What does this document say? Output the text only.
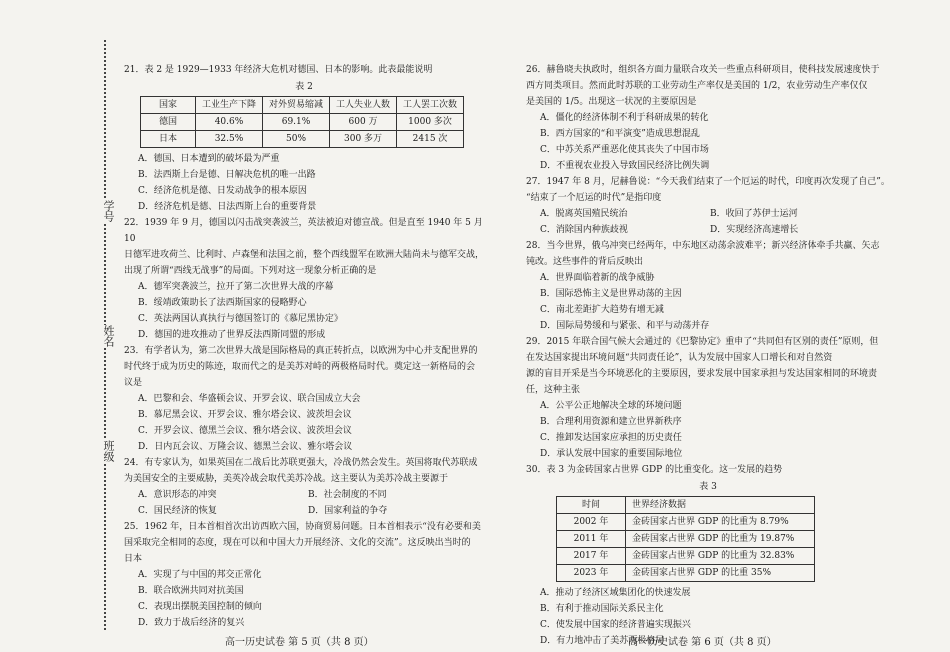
学号
姓名
班级

21．表 2 是 1929—1933 年经济大危机对德国、日本的影响。此表最能说明

表 2
国家	工业生产下降	对外贸易缩减	工人失业人数	工人罢工次数
德国	40.6%	69.1%	600 万	1000 多次
日本	32.5%	50%	300 多万	2415 次

A．德国、日本遭到的破坏最为严重

B．法西斯上台是德、日解决危机的唯一出路

C．经济危机是德、日发动战争的根本原因

D．经济危机是德、日法西斯上台的重要背景

22．1939 年 9 月，德国以闪击战突袭波兰，英法被迫对德宣战。但是直至 1940 年 5 月 10

日德军进攻荷兰、比利时、卢森堡和法国之前，整个西线盟军在欧洲大陆尚未与德军交战，

出现了所谓“西线无战事”的局面。下列对这一现象分析正确的是

A．德军突袭波兰，拉开了第二次世界大战的序幕

B．绥靖政策助长了法西斯国家的侵略野心

C．英法两国认真执行与德国签订的《慕尼黑协定》

D．德国的进攻推动了世界反法西斯同盟的形成

23．有学者认为，第二次世界大战是国际格局的真正转折点，以欧洲为中心并支配世界的

时代终于成为历史的陈迹，取而代之的是美苏对峙的两极格局时代。奠定这一新格局的会

议是

A．巴黎和会、华盛顿会议、开罗会议、联合国成立大会

B．慕尼黑会议、开罗会议、雅尔塔会议、波茨坦会议

C．开罗会议、德黑兰会议、雅尔塔会议、波茨坦会议

D．日内瓦会议、万隆会议、德黑兰会议、雅尔塔会议

24．有专家认为，如果英国在二战后比苏联更强大，冷战仍然会发生。英国将取代苏联成

为美国安全的主要威胁，美英冷战会取代美苏冷战。这主要认为美苏冷战主要源于

A．意识形态的冲突	B．社会制度的不同
C．国民经济的恢复	D．国家利益的争夺

25．1962 年，日本首相首次出访西欧六国，协商贸易问题。日本首相表示“没有必要和美

国采取完全相同的态度，现在可以和中国大力开展经济、文化的交流”。这反映出当时的

日本

A．实现了与中国的邦交正常化

B．联合欧洲共同对抗美国

C．表现出摆脱美国控制的倾向

D．致力于战后经济的复兴

26．赫鲁晓夫执政时，组织各方面力量联合攻关一些重点科研项目，使科技发展速度快于

西方同类项目。然而此时苏联的工业劳动生产率仅是美国的 1/2，农业劳动生产率仅仅

是美国的 1/5。出现这一状况的主要原因是

A．僵化的经济体制不利于科研成果的转化

B．西方国家的“和平演变”造成思想混乱

C．中苏关系严重恶化使其丧失了中国市场

D．不重视农业投入导致国民经济比例失调

27．1947 年 8 月，尼赫鲁说：“今天我们结束了一个厄运的时代，印度再次发现了自己”。

“结束了一个厄运的时代”是指印度

A．脱离英国殖民统治	B．收回了苏伊士运河
C．消除国内种族歧视	D．实现经济高速增长

28．当今世界，俄乌冲突已经两年，中东地区动荡余波难平；新兴经济体牵手共赢、矢志

钝改。这些事件的背后反映出

A．世界面临着新的战争威胁

B．国际恐怖主义是世界动荡的主因

C．南北差距扩大趋势有增无减

D．国际局势缓和与紧张、和平与动荡并存

29．2015 年联合国气候大会通过的《巴黎协定》重申了“共同但有区别的责任”原则，但

在发达国家提出环境问题“共同责任论”，认为发展中国家人口增长和对自然资

源的盲目开采是当今环境恶化的主要原因，要求发展中国家承担与发达国家相同的环境责

任，这种主张

A．公平公正地解决全球的环境问题

B．合理利用资源和建立世界新秩序

C．推卸发达国家应承担的历史责任

D．承认发展中国家的重要国际地位

30．表 3 为金砖国家占世界 GDP 的比重变化。这一发展的趋势

表 3
时间	世界经济数据
2002 年	金砖国家占世界 GDP 的比重为 8.79%
2011 年	金砖国家占世界 GDP 的比重为 19.87%
2017 年	金砖国家占世界 GDP 的比重为 32.83%
2023 年	金砖国家占世界 GDP 的比重 35%

A．推动了经济区域集团化的快速发展

B．有利于推动国际关系民主化

C．使发展中国家的经济普遍实现振兴

D．有力地冲击了美苏两极格局

高一历史试卷 第 5 页（共 8 页）	高一历史试卷 第 6 页（共 8 页）
